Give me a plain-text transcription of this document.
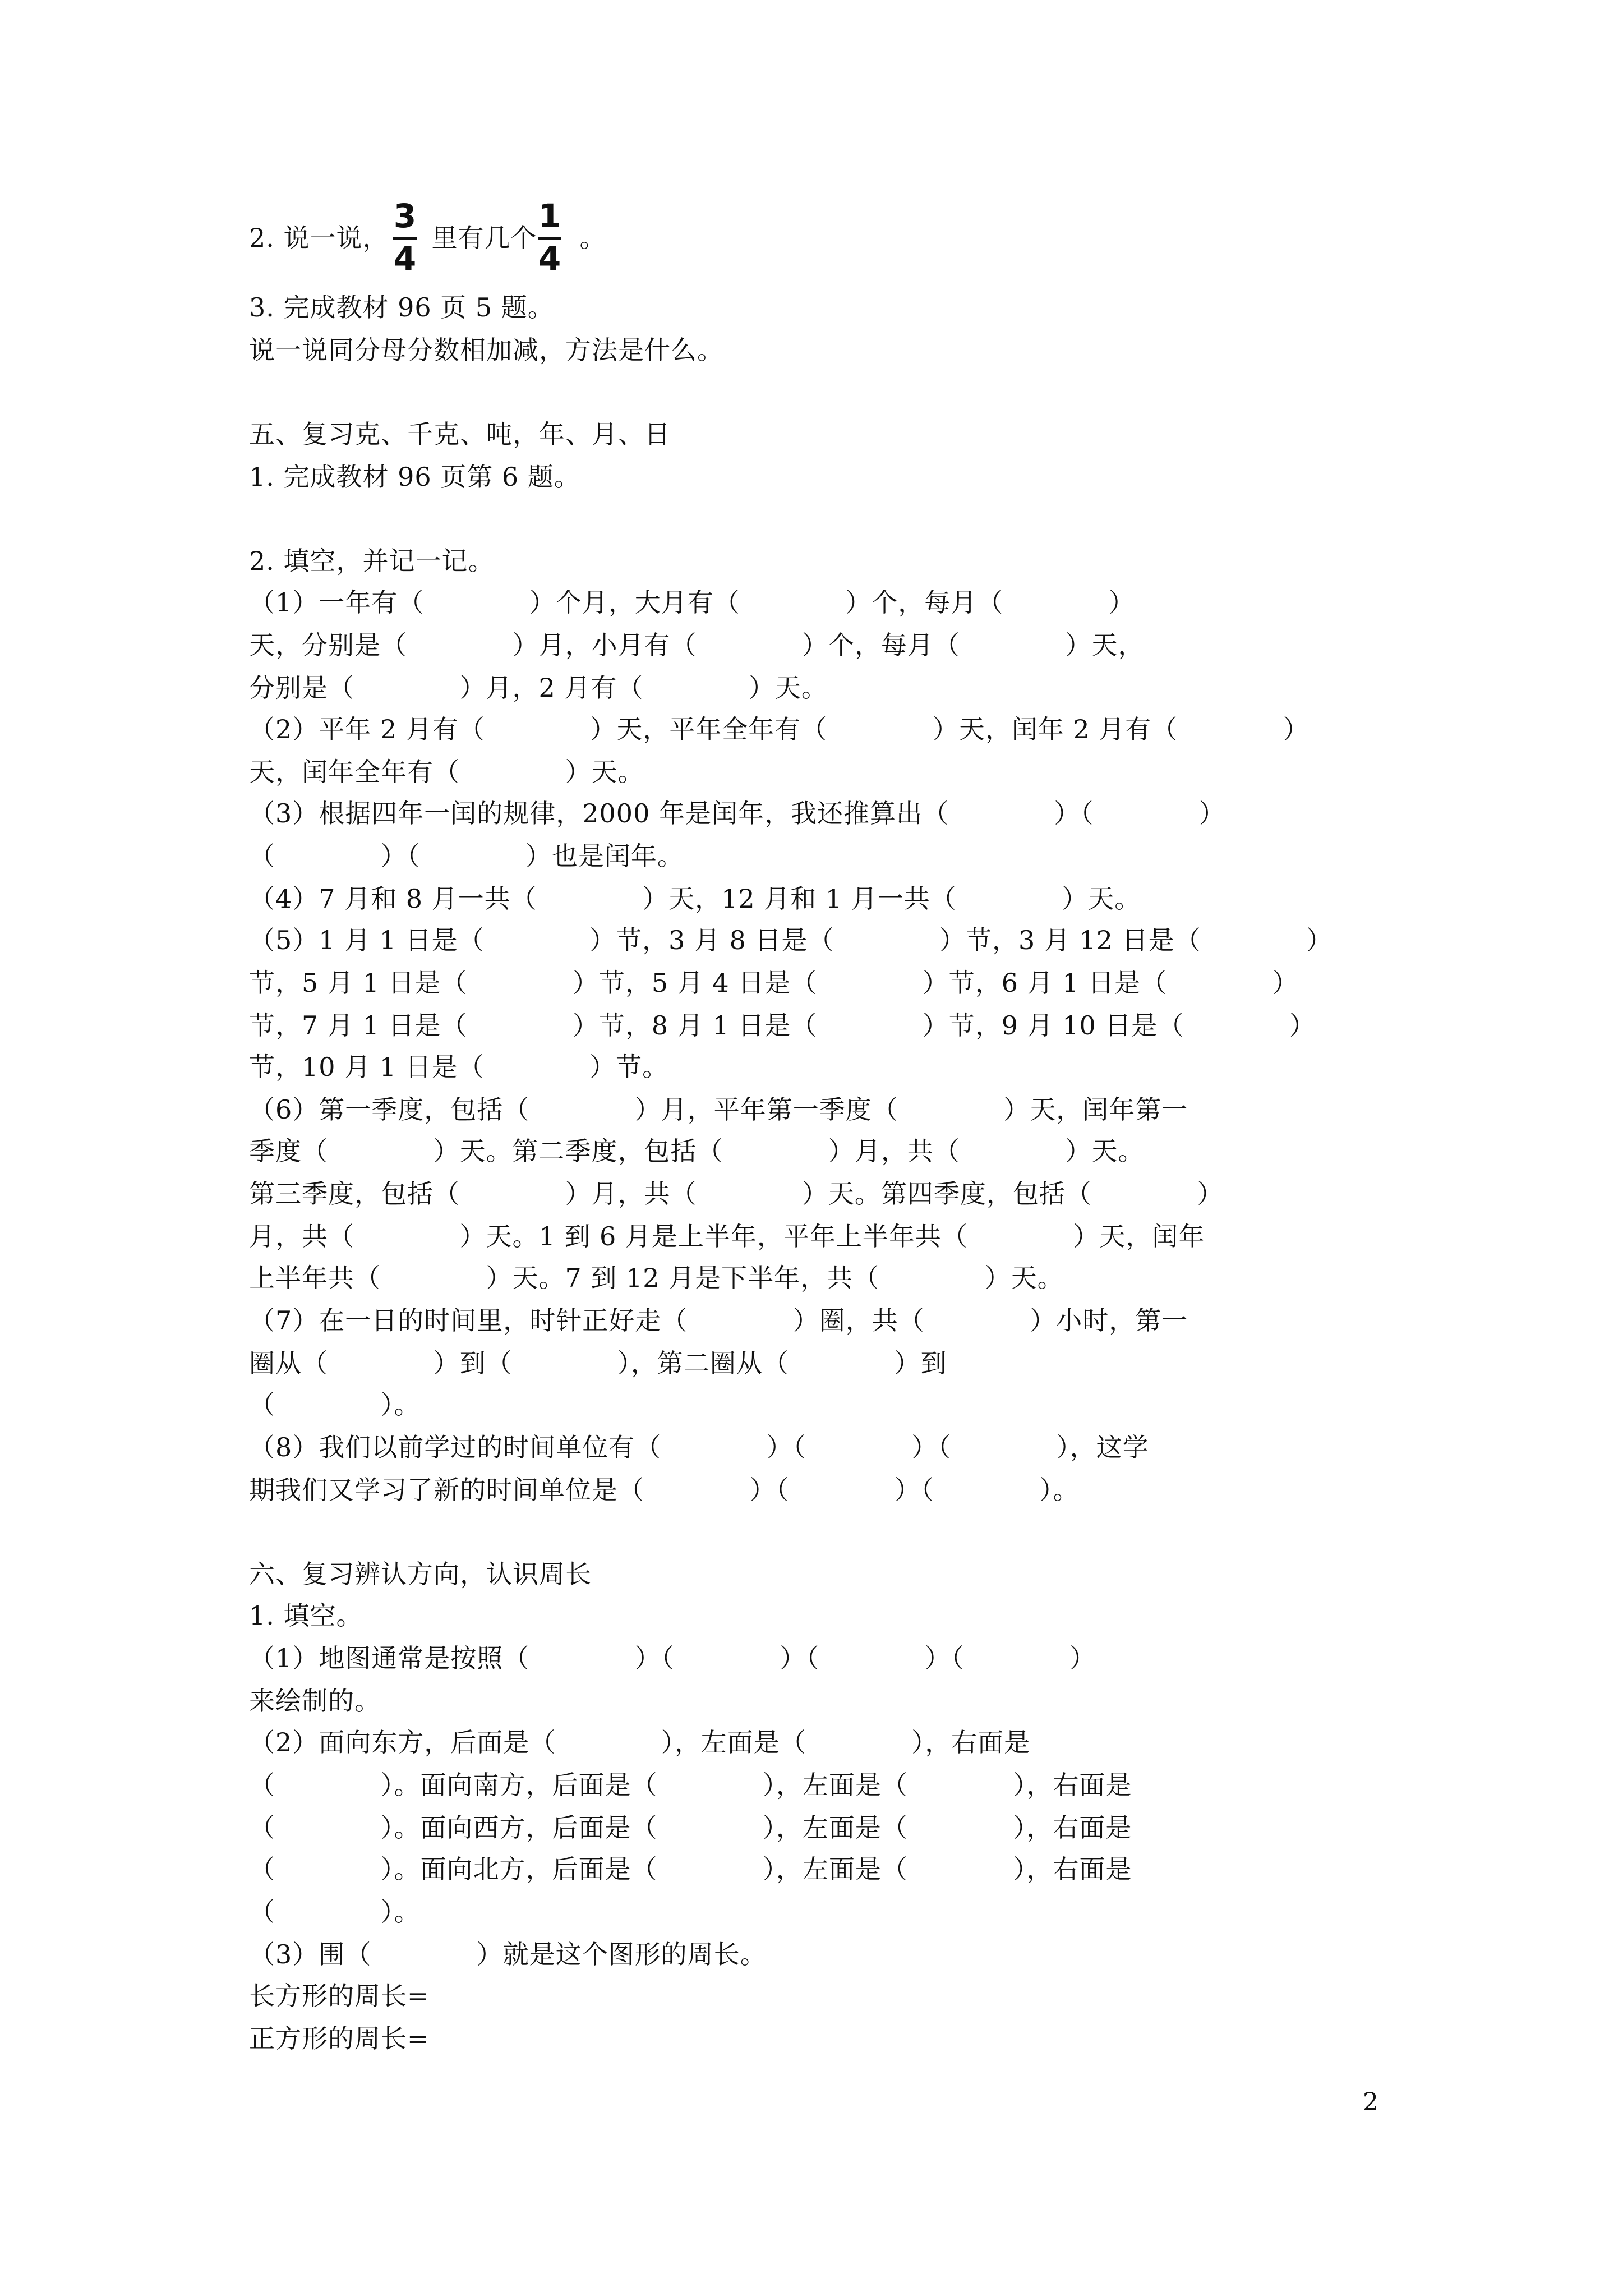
2. 说一说， 里有几个 。
3
4
1
4
3. 完成教材 96 页 5 题。
说一说同分母分数相加减，方法是什么。
五、复习克、千克、吨，年、月、日
1. 完成教材 96 页第 6 题。
2. 填空，并记一记。
（1）一年有（            ）个月，大月有（            ）个，每月（            ）
天，分别是（            ）月，小月有（            ）个，每月（            ）天，
分别是（            ）月，2 月有（            ）天。
（2）平年 2 月有（            ）天，平年全年有（            ）天，闰年 2 月有（            ）
天，闰年全年有（            ）天。
（3）根据四年一闰的规律，2000 年是闰年，我还推算出（            ）（            ）
（            ）（            ）也是闰年。
（4）7 月和 8 月一共（            ）天，12 月和 1 月一共（            ）天。
（5）1 月 1 日是（            ）节，3 月 8 日是（            ）节，3 月 12 日是（            ）
节，5 月 1 日是（            ）节，5 月 4 日是（            ）节，6 月 1 日是（            ）
节，7 月 1 日是（            ）节，8 月 1 日是（            ）节，9 月 10 日是（            ）
节，10 月 1 日是（            ）节。
（6）第一季度，包括（            ）月，平年第一季度（            ）天，闰年第一
季度（            ）天。第二季度，包括（            ）月，共（            ）天。
第三季度，包括（            ）月，共（            ）天。第四季度，包括（            ）
月，共（            ）天。1 到 6 月是上半年，平年上半年共（            ）天，闰年
上半年共（            ）天。7 到 12 月是下半年，共（            ）天。
（7）在一日的时间里，时针正好走（            ）圈，共（            ）小时，第一
圈从（            ）到（            ），第二圈从（            ）到
（            ）。
（8）我们以前学过的时间单位有（            ）（            ）（            ），这学
期我们又学习了新的时间单位是（            ）（            ）（            ）。
六、复习辨认方向，认识周长
1. 填空。
（1）地图通常是按照（            ）（            ）（            ）（            ）
来绘制的。
（2）面向东方，后面是（            ），左面是（            ），右面是
（            ）。面向南方，后面是（            ），左面是（            ），右面是
（            ）。面向西方，后面是（            ），左面是（            ），右面是
（            ）。面向北方，后面是（            ），左面是（            ），右面是
（            ）。
（3）围（            ）就是这个图形的周长。
长方形的周长=
正方形的周长=
2
